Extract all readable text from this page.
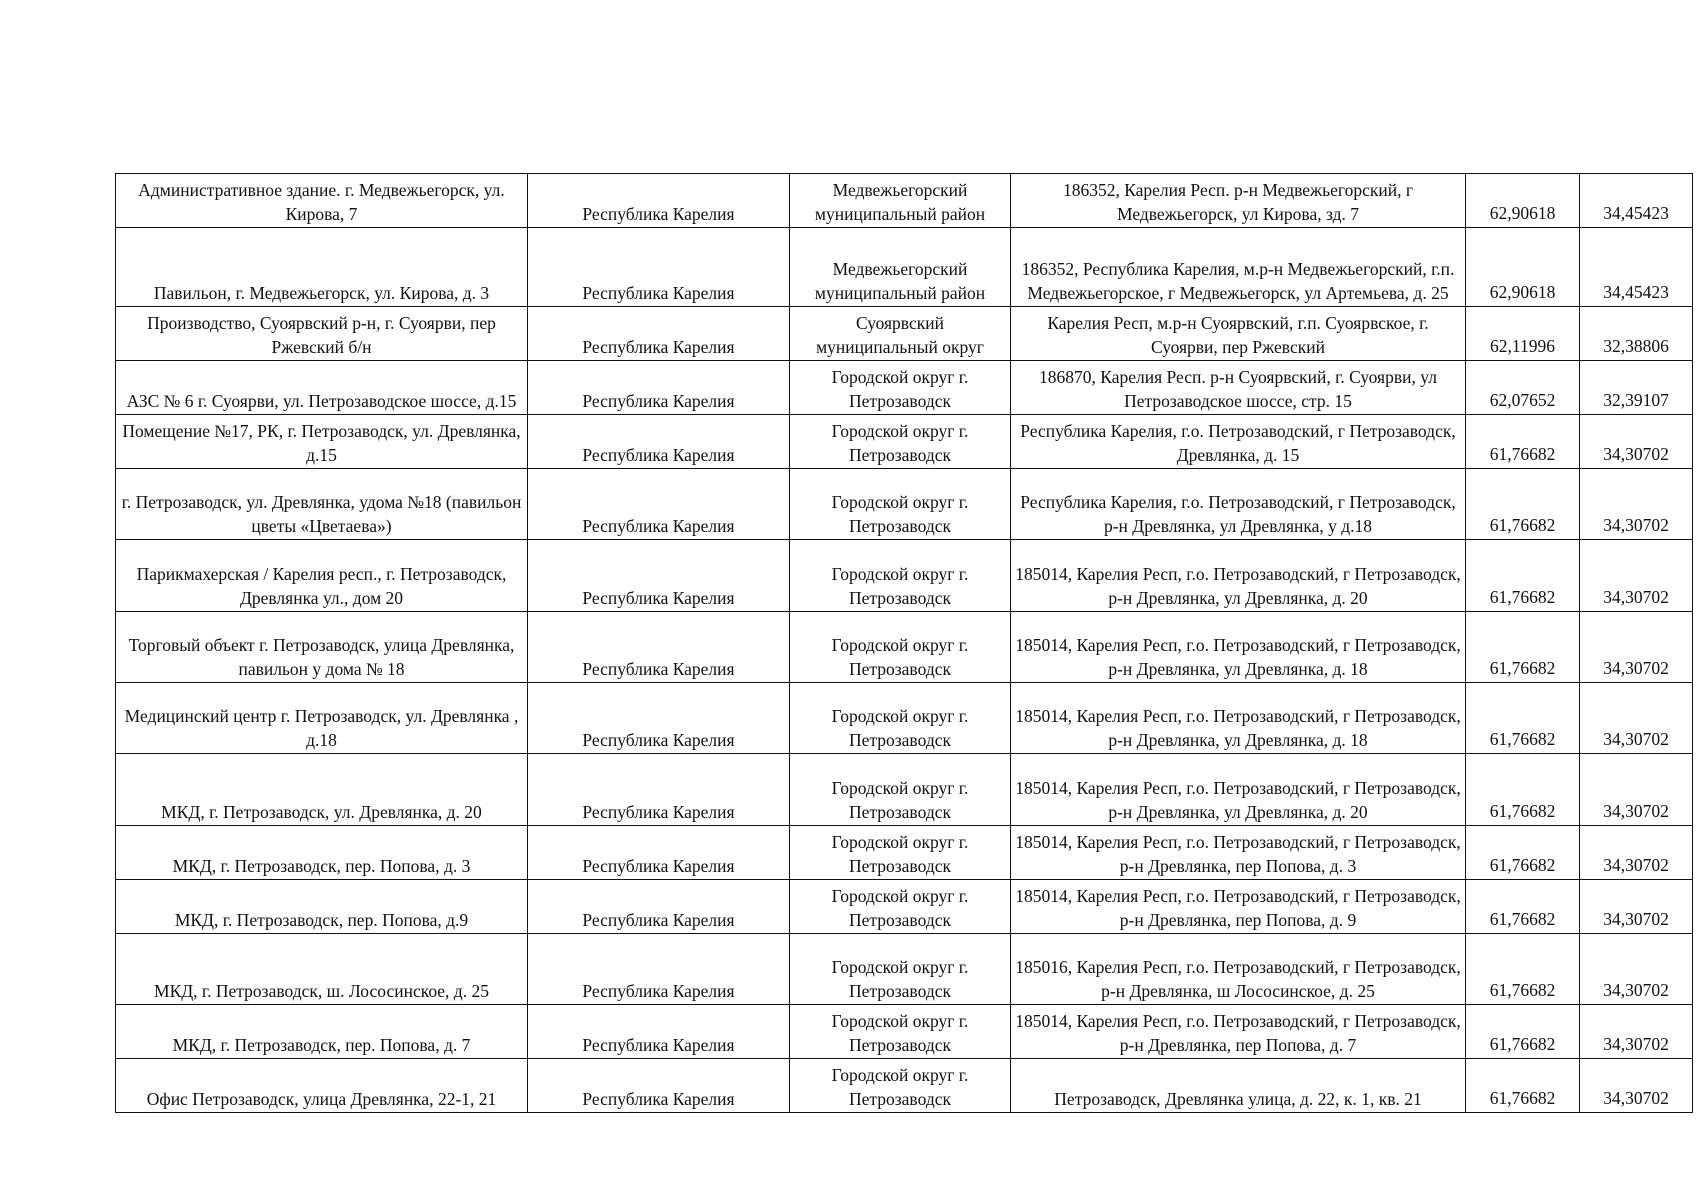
Административное здание. г. Медвежьегорск, ул. Кирова, 7	Республика Карелия	Медвежьегорский муниципальный район	186352, Карелия Респ. р-н Медвежьегорский, г Медвежьегорск, ул Кирова, зд. 7	62,90618	34,45423
Павильон, г. Медвежьегорск, ул. Кирова, д. 3	Республика Карелия	Медвежьегорский муниципальный район	186352, Республика Карелия, м.р-н Медвежьегорский, г.п. Медвежьегорское, г Медвежьегорск, ул Артемьева, д. 25	62,90618	34,45423
Производство, Суоярвский р-н, г. Суоярви, пер Ржевский б/н	Республика Карелия	Суоярвский муниципальный округ	Карелия Респ, м.р-н Суоярвский, г.п. Суоярвское, г. Суоярви, пер Ржевский	62,11996	32,38806
АЗС № 6 г. Суоярви, ул. Петрозаводское шоссе, д.15	Республика Карелия	Городской округ г. Петрозаводск	186870, Карелия Респ. р-н Суоярвский, г. Суоярви, ул Петрозаводское шоссе, стр. 15	62,07652	32,39107
Помещение №17, РК, г. Петрозаводск, ул. Древлянка, д.15	Республика Карелия	Городской округ г. Петрозаводск	Республика Карелия, г.о. Петрозаводский, г Петрозаводск, Древлянка, д. 15	61,76682	34,30702
г. Петрозаводск, ул. Древлянка, удома №18 (павильон цветы «Цветаева»)	Республика Карелия	Городской округ г. Петрозаводск	Республика Карелия, г.о. Петрозаводский, г Петрозаводск, р-н Древлянка, ул Древлянка, у д.18	61,76682	34,30702
Парикмахерская / Карелия респ., г. Петрозаводск, Древлянка ул., дом 20	Республика Карелия	Городской округ г. Петрозаводск	185014, Карелия Респ, г.о. Петрозаводский, г Петрозаводск, р-н Древлянка, ул Древлянка, д. 20	61,76682	34,30702
Торговый объект г. Петрозаводск, улица Древлянка, павильон у дома № 18	Республика Карелия	Городской округ г. Петрозаводск	185014, Карелия Респ, г.о. Петрозаводский, г Петрозаводск, р-н Древлянка, ул Древлянка, д. 18	61,76682	34,30702
Медицинский центр г. Петрозаводск, ул. Древлянка , д.18	Республика Карелия	Городской округ г. Петрозаводск	185014, Карелия Респ, г.о. Петрозаводский, г Петрозаводск, р-н Древлянка, ул Древлянка, д. 18	61,76682	34,30702
МКД, г. Петрозаводск, ул. Древлянка, д. 20	Республика Карелия	Городской округ г. Петрозаводск	185014, Карелия Респ, г.о. Петрозаводский, г Петрозаводск, р-н Древлянка, ул Древлянка, д. 20	61,76682	34,30702
МКД, г. Петрозаводск, пер. Попова, д. 3	Республика Карелия	Городской округ г. Петрозаводск	185014, Карелия Респ, г.о. Петрозаводский, г Петрозаводск, р-н Древлянка, пер Попова, д. 3	61,76682	34,30702
МКД, г. Петрозаводск, пер. Попова, д.9	Республика Карелия	Городской округ г. Петрозаводск	185014, Карелия Респ, г.о. Петрозаводский, г Петрозаводск, р-н Древлянка, пер Попова, д. 9	61,76682	34,30702
МКД, г. Петрозаводск, ш. Лососинское, д. 25	Республика Карелия	Городской округ г. Петрозаводск	185016, Карелия Респ, г.о. Петрозаводский, г Петрозаводск, р-н Древлянка, ш Лососинское, д. 25	61,76682	34,30702
МКД, г. Петрозаводск, пер. Попова, д. 7	Республика Карелия	Городской округ г. Петрозаводск	185014, Карелия Респ, г.о. Петрозаводский, г Петрозаводск, р-н Древлянка, пер Попова, д. 7	61,76682	34,30702
Офис Петрозаводск, улица Древлянка, 22-1, 21	Республика Карелия	Городской округ г. Петрозаводск	Петрозаводск, Древлянка улица, д. 22, к. 1, кв. 21	61,76682	34,30702
